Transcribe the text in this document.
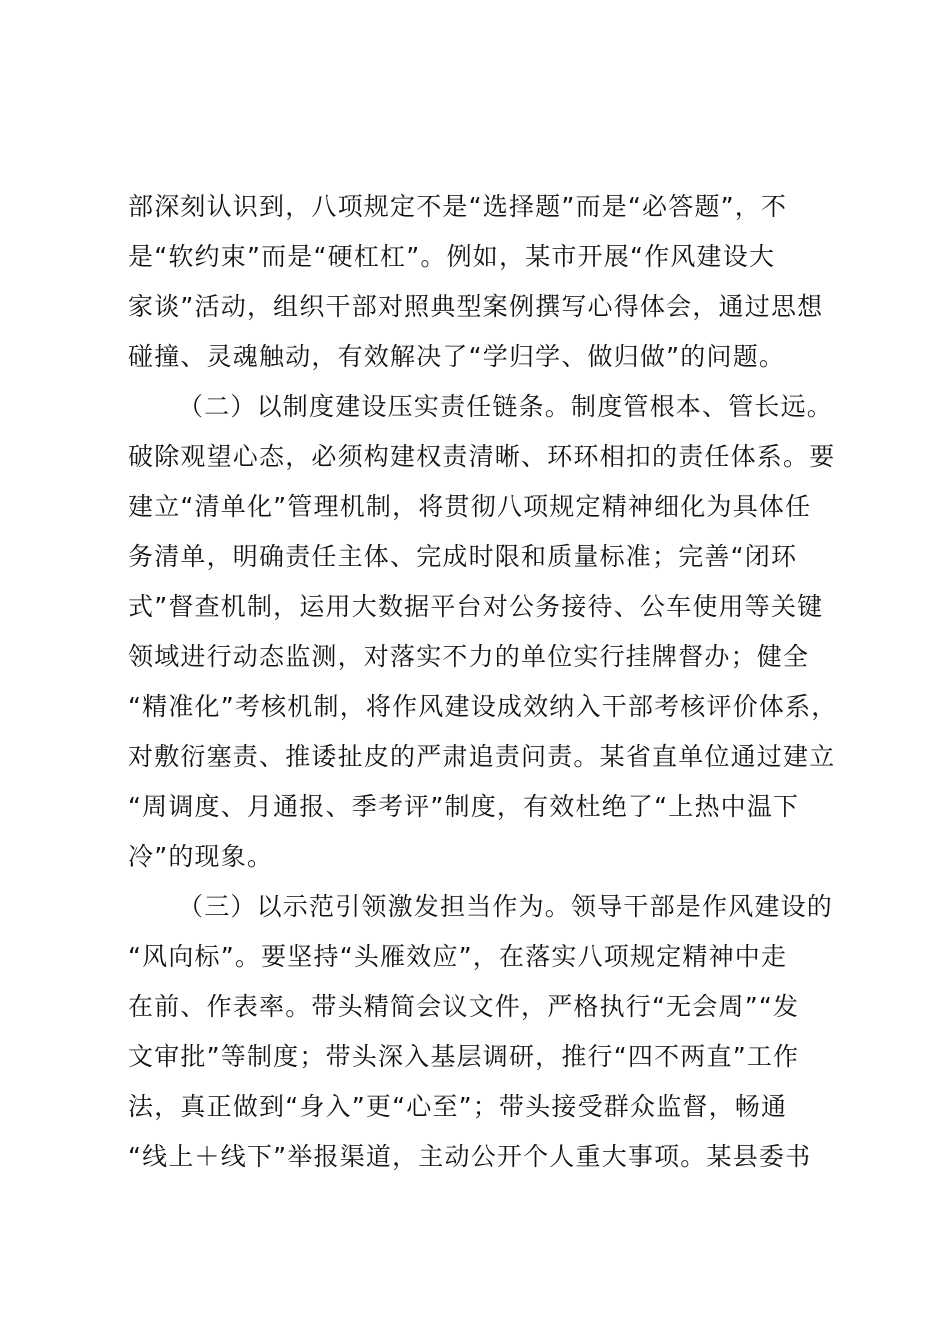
部深刻认识到，八项规定不是“选择题”而是“必答题”，不
是“软约束”而是“硬杠杠”。例如，某市开展“作风建设大
家谈”活动，组织干部对照典型案例撰写心得体会，通过思想
碰撞、灵魂触动，有效解决了“学归学、做归做”的问题。
（二）以制度建设压实责任链条。制度管根本、管长远。
破除观望心态，必须构建权责清晰、环环相扣的责任体系。要
建立“清单化”管理机制，将贯彻八项规定精神细化为具体任
务清单，明确责任主体、完成时限和质量标准；完善“闭环
式”督查机制，运用大数据平台对公务接待、公车使用等关键
领域进行动态监测，对落实不力的单位实行挂牌督办；健全
“精准化”考核机制，将作风建设成效纳入干部考核评价体系，
对敷衍塞责、推诿扯皮的严肃追责问责。某省直单位通过建立
“周调度、月通报、季考评”制度，有效杜绝了“上热中温下
冷”的现象。
（三）以示范引领激发担当作为。领导干部是作风建设的
“风向标”。要坚持“头雁效应”，在落实八项规定精神中走
在前、作表率。带头精简会议文件，严格执行“无会周”“发
文审批”等制度；带头深入基层调研，推行“四不两直”工作
法，真正做到“身入”更“心至”；带头接受群众监督，畅通
“线上＋线下”举报渠道，主动公开个人重大事项。某县委书
